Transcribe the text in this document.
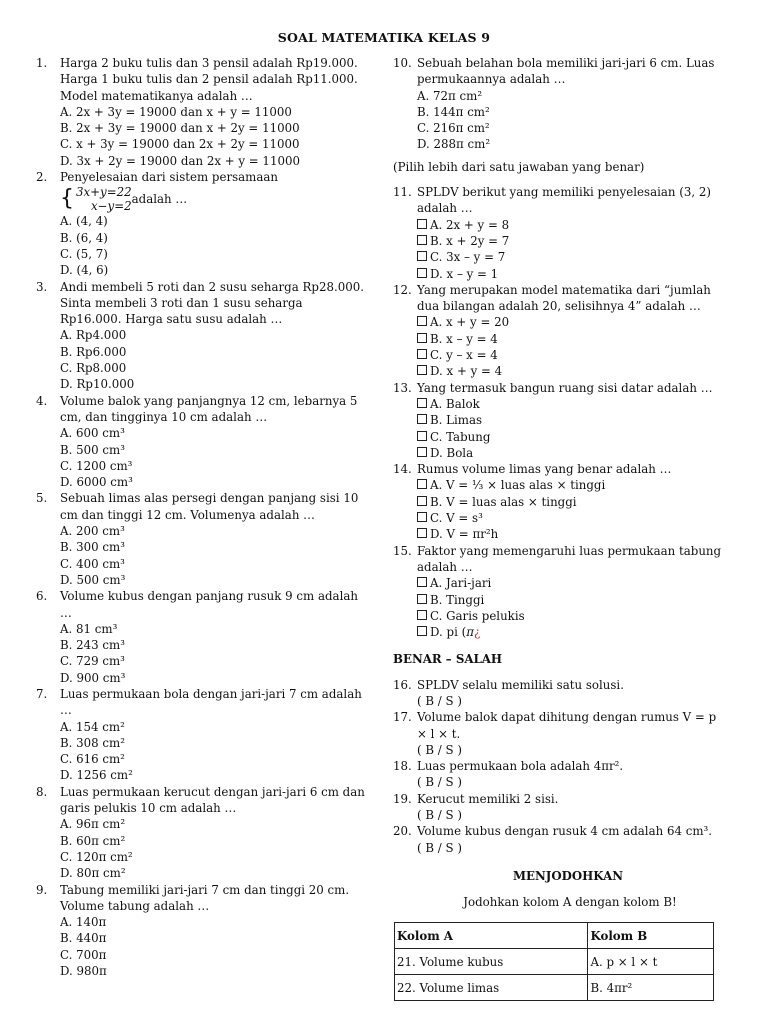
SOAL MATEMATIKA KELAS 9
1.	Harga 2 buku tulis dan 3 pensil adalah Rp19.000.
Harga 1 buku tulis dan 2 pensil adalah Rp11.000.
Model matematikanya adalah …
A. 2x + 3y = 19000 dan x + y = 11000
B. 2x + 3y = 19000 dan x + 2y = 11000
C. x + 3y = 19000 dan 2x + 2y = 11000
D. 3x + 2y = 19000 dan 2x + y = 11000
2.	Penyelesaian dari sistem persamaan
{ 3x+y=22
x−y=2
adalah …
A. (4, 4)
B. (6, 4)
C. (5, 7)
D. (4, 6)
3.	Andi membeli 5 roti dan 2 susu seharga Rp28.000.
Sinta membeli 3 roti dan 1 susu seharga
Rp16.000. Harga satu susu adalah …
A. Rp4.000
B. Rp6.000
C. Rp8.000
D. Rp10.000
4.	Volume balok yang panjangnya 12 cm, lebarnya 5
cm, dan tingginya 10 cm adalah …
A. 600 cm³
B. 500 cm³
C. 1200 cm³
D. 6000 cm³
5.	Sebuah limas alas persegi dengan panjang sisi 10
cm dan tinggi 12 cm. Volumenya adalah …
A. 200 cm³
B. 300 cm³
C. 400 cm³
D. 500 cm³
6.	Volume kubus dengan panjang rusuk 9 cm adalah
…
A. 81 cm³
B. 243 cm³
C. 729 cm³
D. 900 cm³
7.	Luas permukaan bola dengan jari-jari 7 cm adalah
…
A. 154 cm²
B. 308 cm²
C. 616 cm²
D. 1256 cm²
8.	Luas permukaan kerucut dengan jari-jari 6 cm dan
garis pelukis 10 cm adalah …
A. 96π cm²
B. 60π cm²
C. 120π cm²
D. 80π cm²
9.	Tabung memiliki jari-jari 7 cm dan tinggi 20 cm.
Volume tabung adalah …
A. 140π
B. 440π
C. 700π
D. 980π
10. Sebuah belahan bola memiliki jari-jari 6 cm. Luas
permukaannya adalah …
A. 72π cm²
B. 144π cm²
C. 216π cm²
D. 288π cm²
(Pilih lebih dari satu jawaban yang benar)
11. SPLDV berikut yang memiliki penyelesaian (3, 2)
adalah …
A. 2x + y = 8
B. x + 2y = 7
C. 3x – y = 7
D. x – y = 1
12. Yang merupakan model matematika dari “jumlah
dua bilangan adalah 20, selisihnya 4” adalah …
A. x + y = 20
B. x – y = 4
C. y – x = 4
D. x + y = 4
13. Yang termasuk bangun ruang sisi datar adalah …
A. Balok
B. Limas
C. Tabung
D. Bola
14. Rumus volume limas yang benar adalah …
A. V = ⅓ × luas alas × tinggi
B. V = luas alas × tinggi
C. V = s³
D. V = πr²h
15. Faktor yang memengaruhi luas permukaan tabung
adalah …
A. Jari-jari
B. Tinggi
C. Garis pelukis
D. pi (π¿
BENAR – SALAH
16. SPLDV selalu memiliki satu solusi.
( B / S )
17. Volume balok dapat dihitung dengan rumus V = p
× l × t.
( B / S )
18. Luas permukaan bola adalah 4πr².
( B / S )
19. Kerucut memiliki 2 sisi.
( B / S )
20. Volume kubus dengan rusuk 4 cm adalah 64 cm³.
( B / S )
MENJODOHKAN
Jodohkan kolom A dengan kolom B!
Kolom A	Kolom B
21. Volume kubus	A. p × l × t
22. Volume limas	B. 4πr²
